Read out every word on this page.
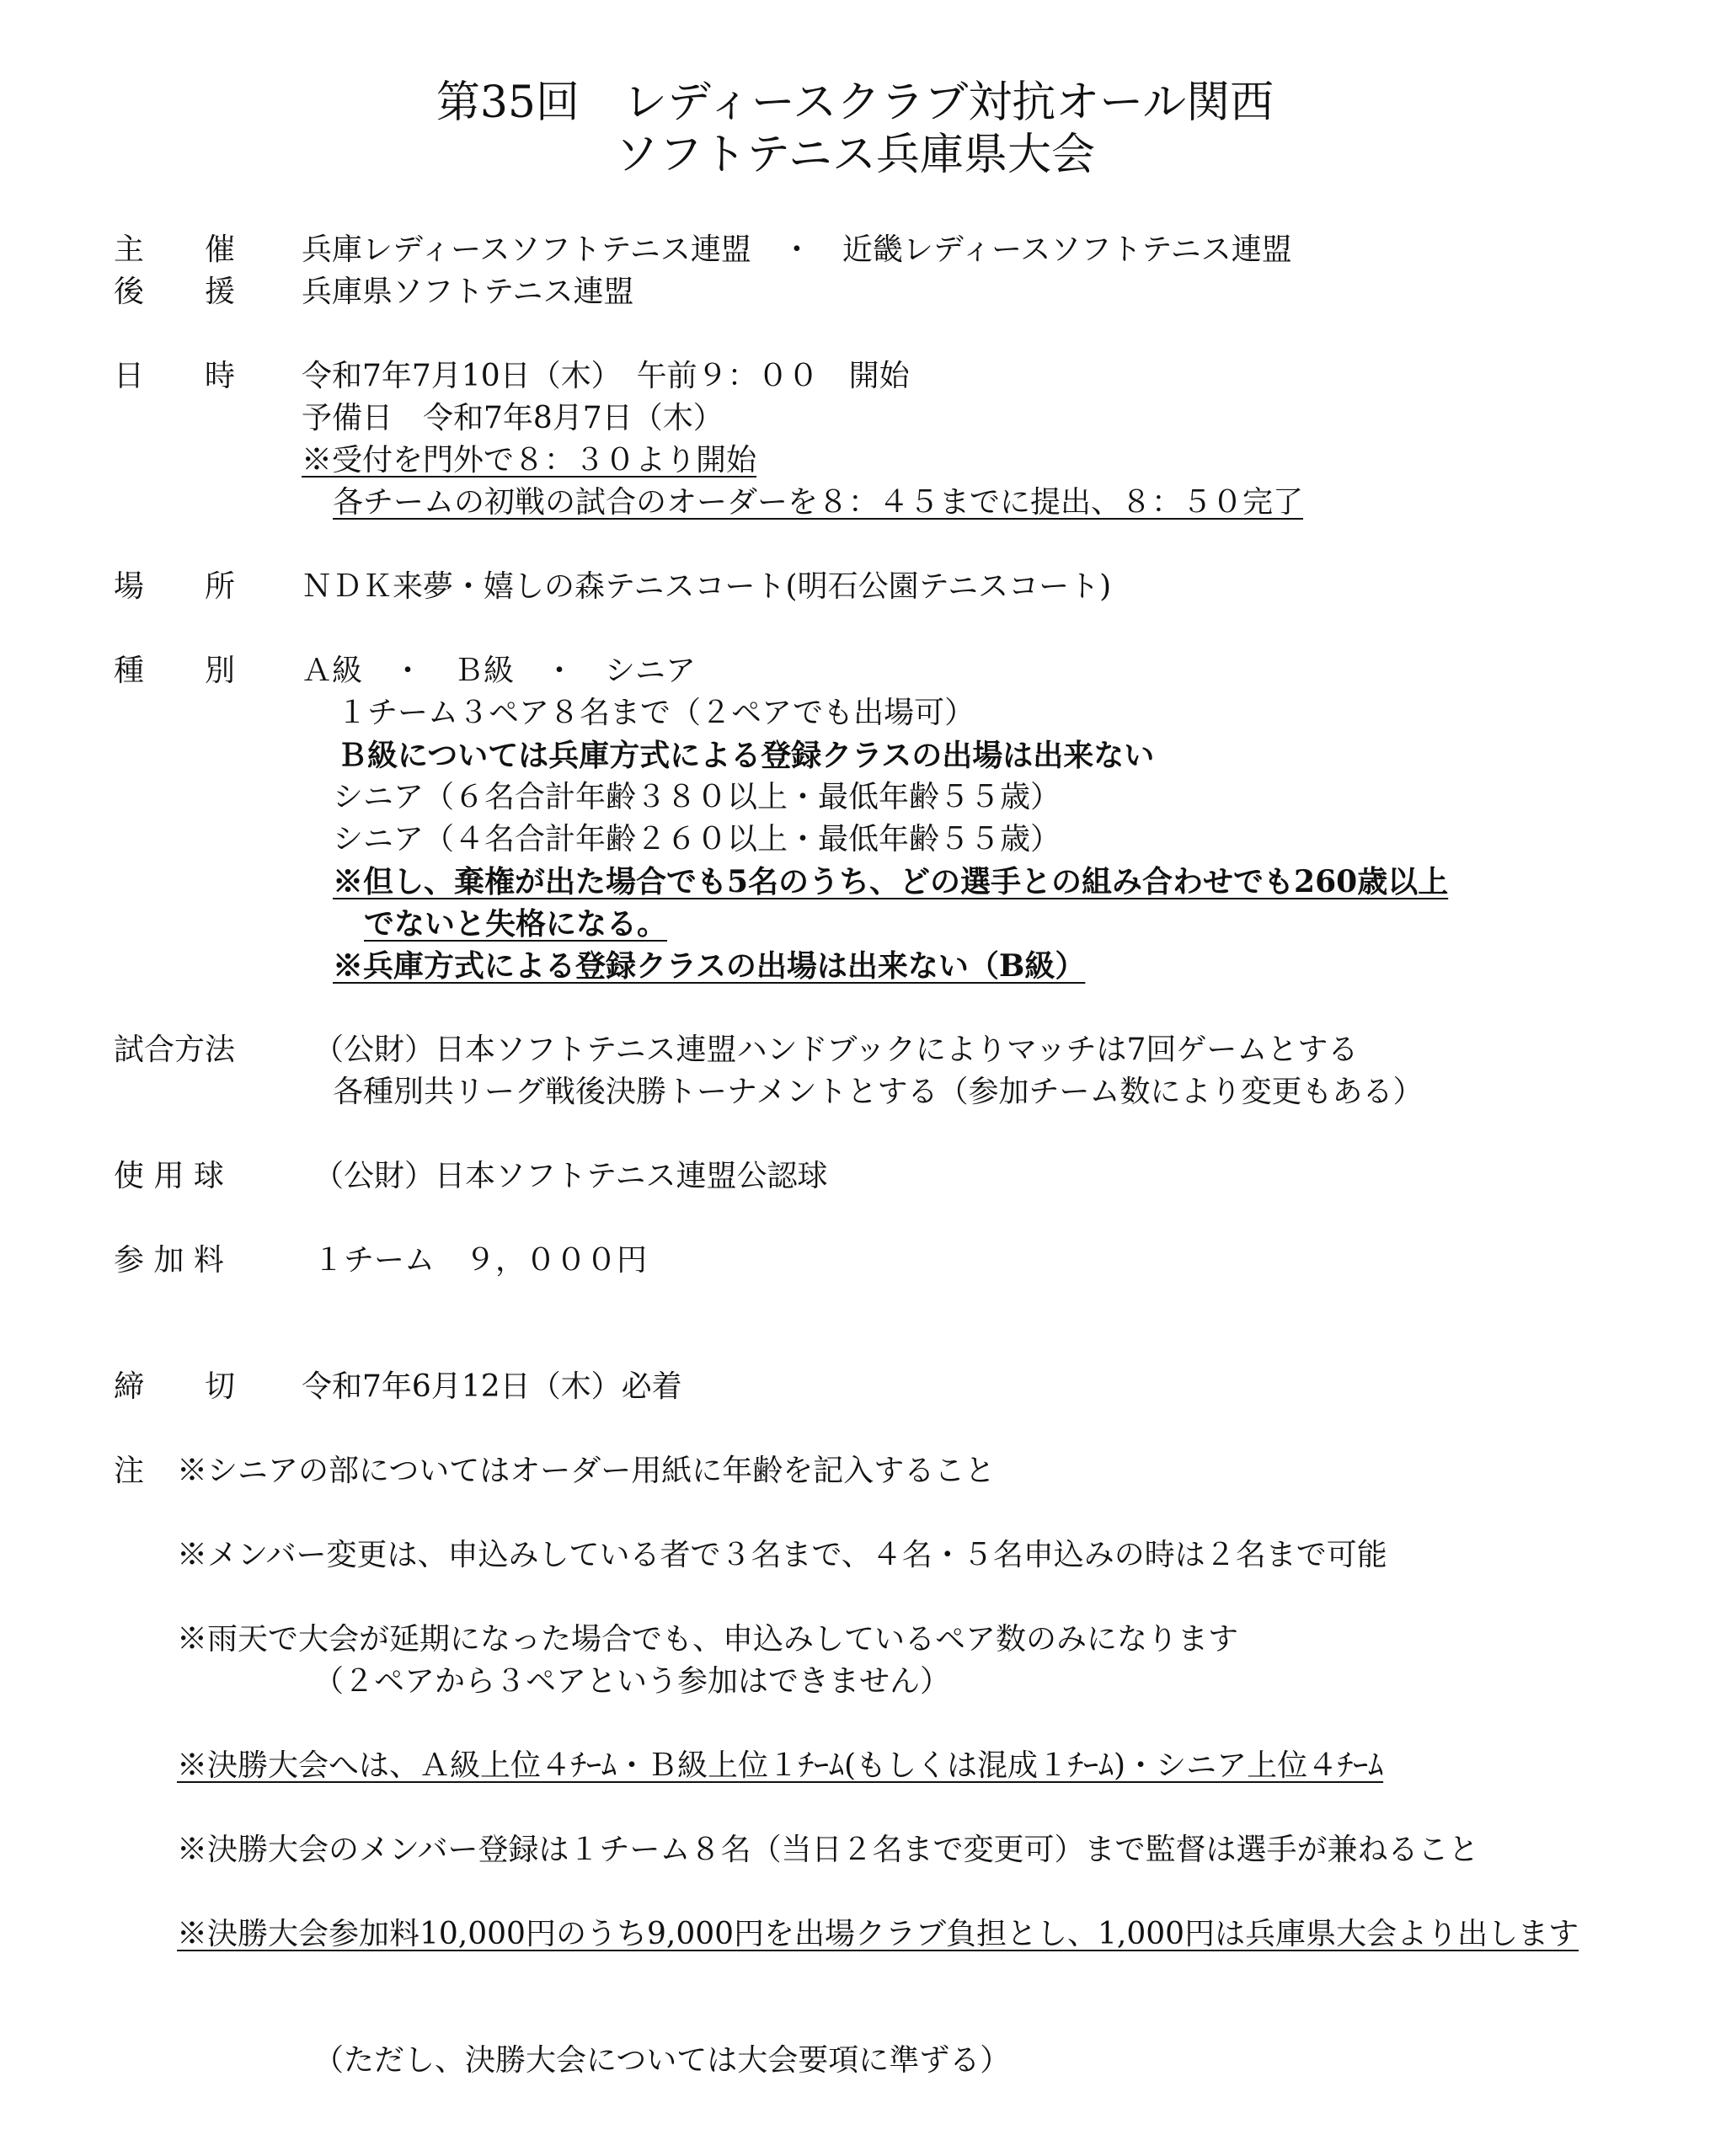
第35回　レディースクラブ対抗オール関西
ソフトテニス兵庫県大会
主　　催 兵庫レディースソフトテニス連盟　・　近畿レディースソフトテニス連盟
後　　援 兵庫県ソフトテニス連盟
日　　時 令和7年7月10日（木）　午前９：００　開始
予備日　令和7年8月7日（木）
※受付を門外で８：３０より開始
各チームの初戦の試合のオーダーを８：４５までに提出、８：５０完了
場　　所 ＮＤＫ来夢・嬉しの森テニスコート(明石公園テニスコート)
種　　別 Ａ級　・　Ｂ級　・　シニア
１チーム３ペア８名まで（２ペアでも出場可）
Ｂ級については兵庫方式による登録クラスの出場は出来ない
シニア（６名合計年齢３８０以上・最低年齢５５歳）
シニア（４名合計年齢２６０以上・最低年齢５５歳）
※但し、棄権が出た場合でも5名のうち、どの選手との組み合わせでも260歳以上
でないと失格になる。
※兵庫方式による登録クラスの出場は出来ない（B級）
試合方法	（公財）日本ソフトテニス連盟ハンドブックによりマッチは7回ゲームとする
各種別共リーグ戦後決勝トーナメントとする（参加チーム数により変更もある）
使 用 球	（公財）日本ソフトテニス連盟公認球
参 加 料	１チーム　９，０００円
締　　切 令和7年6月12日（木）必着
注 ※シニアの部についてはオーダー用紙に年齢を記入すること
※メンバー変更は、申込みしている者で３名まで、４名・５名申込みの時は２名まで可能
※雨天で大会が延期になった場合でも、申込みしているペア数のみになります
（２ペアから３ペアという参加はできません）
※決勝大会へは、Ａ級上位４ﾁｰﾑ・Ｂ級上位１ﾁｰﾑ(もしくは混成１ﾁｰﾑ)・シニア上位４ﾁｰﾑ
※決勝大会のメンバー登録は１チーム８名（当日２名まで変更可）まで監督は選手が兼ねること
※決勝大会参加料10,000円のうち9,000円を出場クラブ負担とし、1,000円は兵庫県大会より出します
（ただし、決勝大会については大会要項に準ずる）
